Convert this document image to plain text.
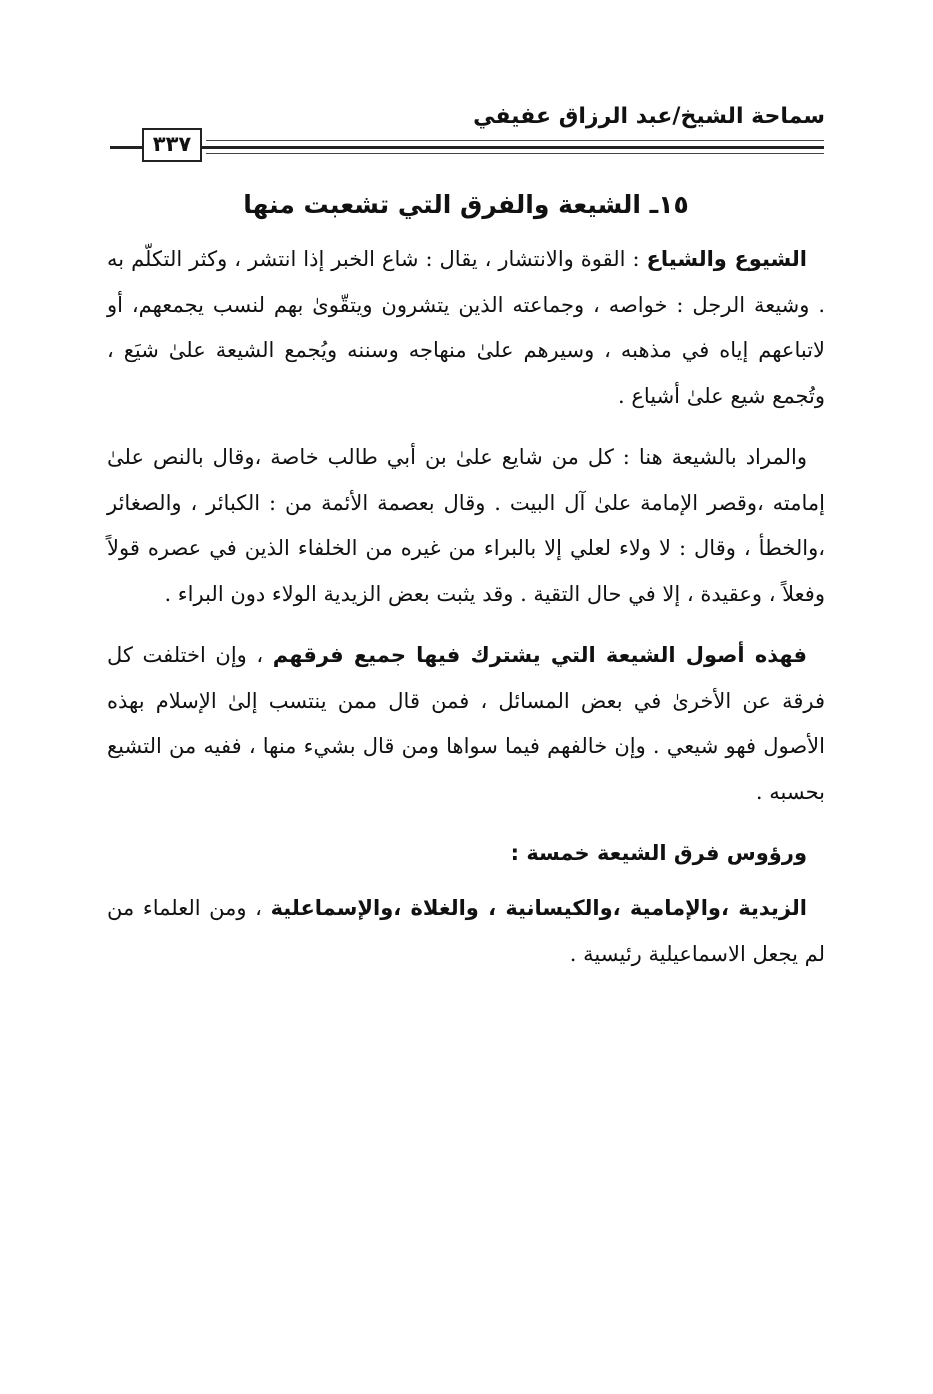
سماحة الشيخ/عبد الرزاق عفيفي
٣٣٧
١٥ـ الشيعة والفرق التي تشعبت منها

الشيوع والشياع : القوة والانتشار ، يقال : شاع الخبر إذا انتشر ، وكثر التكلّم به . وشيعة الرجل : خواصه ، وجماعته الذين يتشرون ويتقّوىٰ بهم لنسب يجمعهم، أو لاتباعهم إياه في مذهبه ، وسيرهم علىٰ منهاجه وسننه ويُجمع الشيعة علىٰ شيَع ، وتُجمع شيع علىٰ أشياع .

والمراد بالشيعة هنا : كل من شايع علىٰ بن أبي طالب خاصة ،وقال بالنص علىٰ إمامته ،وقصر الإمامة علىٰ آل البيت . وقال بعصمة الأئمة من : الكبائر ، والصغائر ،والخطأ ، وقال : لا ولاء لعلي إلا بالبراء من غيره من الخلفاء الذين في عصره قولاً وفعلاً ، وعقيدة ، إلا في حال التقية . وقد يثبت بعض الزيدية الولاء دون البراء .

فهذه أصول الشيعة التي يشترك فيها جميع فرقهم ، وإن اختلفت كل فرقة عن الأخرىٰ في بعض المسائل ، فمن قال ممن ينتسب إلىٰ الإسلام بهذه الأصول فهو شيعي . وإن خالفهم فيما سواها ومن قال بشيء منها ، ففيه من التشيع بحسبه .

ورؤوس فرق الشيعة خمسة :

الزيدية ،والإمامية ،والكيسانية ، والغلاة ،والإسماعلية ، ومن العلماء من لم يجعل الاسماعيلية رئيسية .
